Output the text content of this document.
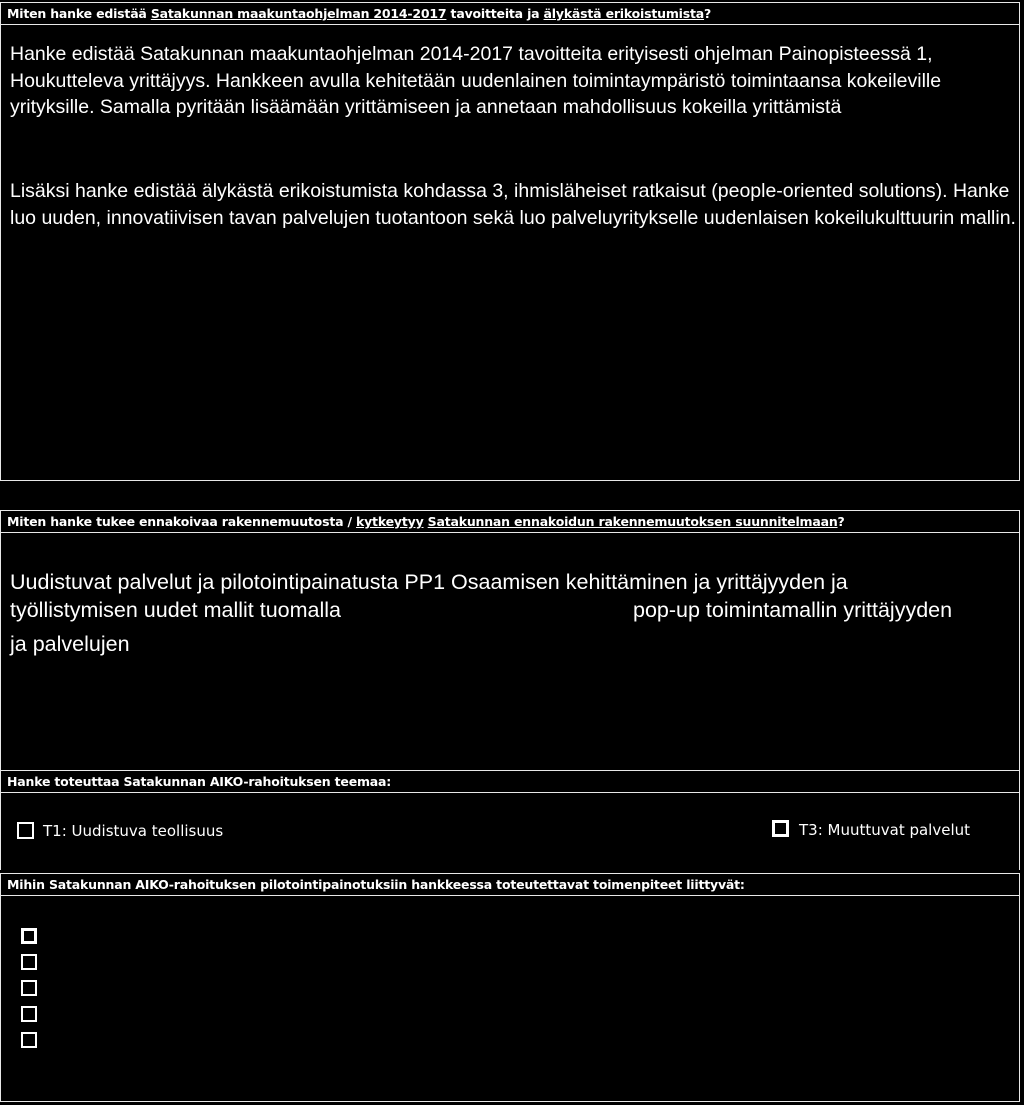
Miten hanke edistää Satakunnan maakuntaohjelman 2014-2017 tavoitteita ja älykästä erikoistumista?

Hanke edistää Satakunnan maakuntaohjelman 2014-2017 tavoitteita erityisesti ohjelman Painopisteessä 1, Houkutteleva yrittäjyys. Hankkeen avulla kehitetään uudenlainen toimintaympäristö toimintaansa kokeileville yrityksille. Samalla pyritään lisäämään yrittämiseen ja annetaan mahdollisuus kokeilla yrittämistä

Lisäksi hanke edistää älykästä erikoistumista kohdassa 3, ihmisläheiset ratkaisut (people-oriented solutions). Hanke luo uuden, innovatiivisen tavan palvelujen tuotantoon sekä luo palveluyritykselle uudenlaisen kokeilukulttuurin mallin.

Miten hanke tukee ennakoivaa rakennemuutosta / kytkeytyy Satakunnan ennakoidun rakennemuutoksen suunnitelmaan?
Uudistuvat palvelut ja pilotointipainatusta PP1 Osaamisen kehittäminen ja yrittäjyyden ja
työllistymisen uudet mallit tuomalla	pop-up toimintamallin yrittäjyyden
ja palvelujen
Hanke toteuttaa Satakunnan AIKO-rahoituksen teemaa:
T1: Uudistuva teollisuus	T3: Muuttuvat palvelut
Mihin Satakunnan AIKO-rahoituksen pilotointipainotuksiin hankkeessa toteutettavat toimenpiteet liittyvät:
